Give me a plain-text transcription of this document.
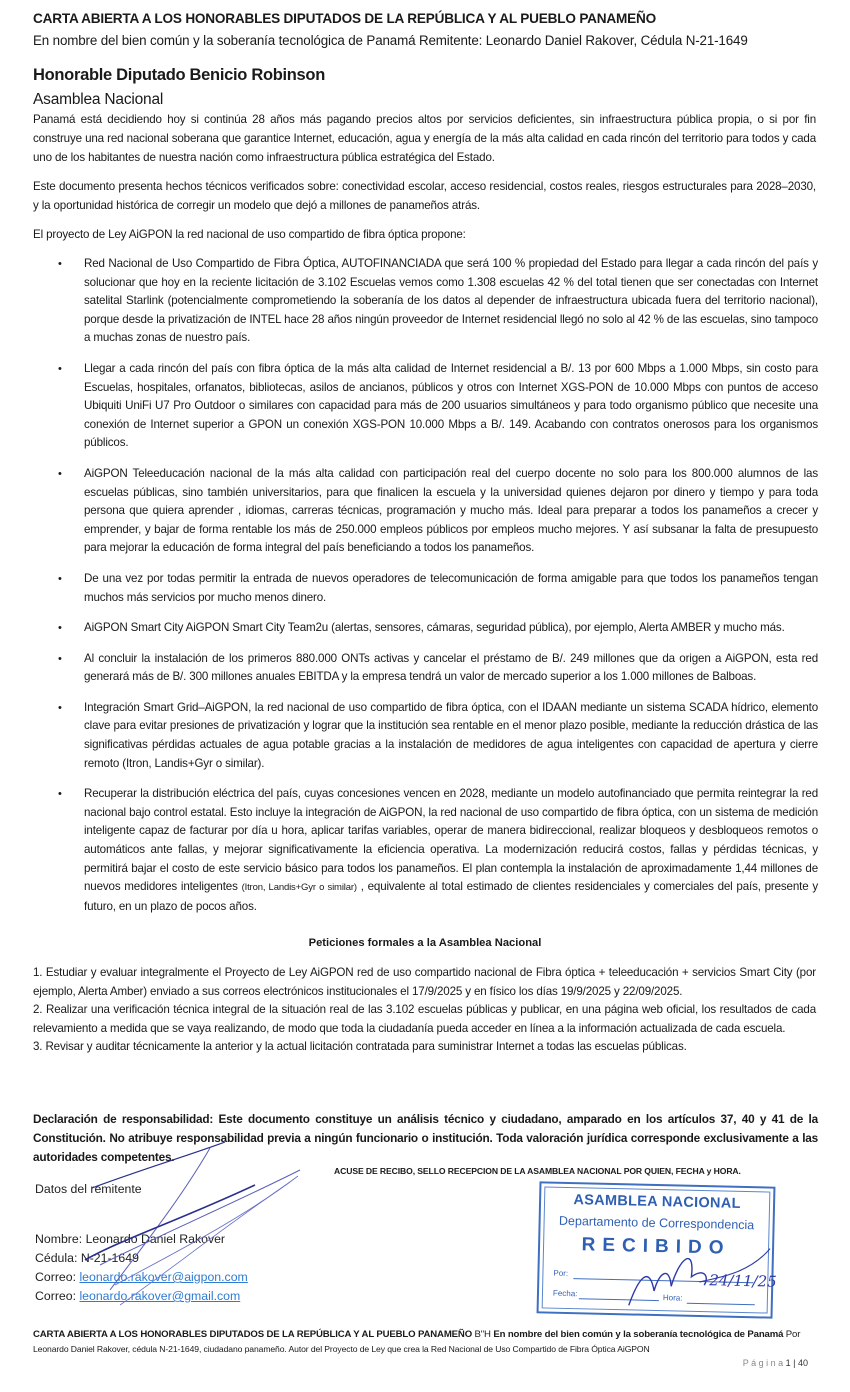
CARTA ABIERTA A LOS HONORABLES DIPUTADOS DE LA REPÚBLICA Y AL PUEBLO PANAMEÑO
En nombre del bien común y la soberanía tecnológica de Panamá Remitente: Leonardo Daniel Rakover, Cédula N-21-1649
Honorable Diputado Benicio Robinson
Asamblea Nacional
Panamá está decidiendo hoy si continúa 28 años más pagando precios altos por servicios deficientes, sin infraestructura pública propia, o si por fin construye una red nacional soberana que garantice Internet, educación, agua y energía de la más alta calidad en cada rincón del territorio para todos y cada uno de los habitantes de nuestra nación como infraestructura pública estratégica del Estado.
Este documento presenta hechos técnicos verificados sobre: conectividad escolar, acceso residencial, costos reales, riesgos estructurales para 2028–2030, y la oportunidad histórica de corregir un modelo que dejó a millones de panameños atrás.
El proyecto de Ley AiGPON la red nacional de uso compartido de fibra óptica propone:
• Red Nacional de Uso Compartido de Fibra Óptica, AUTOFINANCIADA que será 100 % propiedad del Estado para llegar a cada rincón del país y solucionar que hoy en la reciente licitación de 3.102 Escuelas vemos como 1.308 escuelas 42 % del total tienen que ser conectadas con Internet satelital Starlink (potencialmente comprometiendo la soberanía de los datos al depender de infraestructura ubicada fuera del territorio nacional), porque desde la privatización de INTEL hace 28 años ningún proveedor de Internet residencial llegó no solo al 42 % de las escuelas, sino tampoco a muchas zonas de nuestro país.
• Llegar a cada rincón del país con fibra óptica de la más alta calidad de Internet residencial a B/. 13 por 600 Mbps a 1.000 Mbps, sin costo para Escuelas, hospitales, orfanatos, bibliotecas, asilos de ancianos, públicos y otros con Internet XGS-PON de 10.000 Mbps con puntos de acceso Ubiquiti UniFi U7 Pro Outdoor o similares con capacidad para más de 200 usuarios simultáneos y para todo organismo público que necesite una conexión de Internet superior a GPON un conexión XGS-PON 10.000 Mbps a B/. 149. Acabando con contratos onerosos para los organismos públicos.
• AiGPON Teleeducación nacional de la más alta calidad con participación real del cuerpo docente no solo para los 800.000 alumnos de las escuelas públicas, sino también universitarios, para que finalicen la escuela y la universidad quienes dejaron por dinero y tiempo y para toda persona que quiera aprender , idiomas, carreras técnicas, programación y mucho más. Ideal para preparar a todos los panameños a crecer y emprender, y bajar de forma rentable los más de 250.000 empleos públicos por empleos mucho mejores. Y así subsanar la falta de presupuesto para mejorar la educación de forma integral del país beneficiando a todos los panameños.
• De una vez por todas permitir la entrada de nuevos operadores de telecomunicación de forma amigable para que todos los panameños tengan muchos más servicios por mucho menos dinero.
• AiGPON Smart City AiGPON Smart City Team2u (alertas, sensores, cámaras, seguridad pública), por ejemplo, Alerta AMBER y mucho más.
• Al concluir la instalación de los primeros 880.000 ONTs activas y cancelar el préstamo de B/. 249 millones que da origen a AiGPON, esta red generará más de B/. 300 millones anuales EBITDA y la empresa tendrá un valor de mercado superior a los 1.000 millones de Balboas.
• Integración Smart Grid–AiGPON, la red nacional de uso compartido de fibra óptica, con el IDAAN mediante un sistema SCADA hídrico, elemento clave para evitar presiones de privatización y lograr que la institución sea rentable en el menor plazo posible, mediante la reducción drástica de las significativas pérdidas actuales de agua potable gracias a la instalación de medidores de agua inteligentes con capacidad de apertura y cierre remoto (Itron, Landis+Gyr o similar).
• Recuperar la distribución eléctrica del país, cuyas concesiones vencen en 2028, mediante un modelo autofinanciado que permita reintegrar la red nacional bajo control estatal. Esto incluye la integración de AiGPON, la red nacional de uso compartido de fibra óptica, con un sistema de medición inteligente capaz de facturar por día u hora, aplicar tarifas variables, operar de manera bidireccional, realizar bloqueos y desbloqueos remotos o automáticos ante fallas, y mejorar significativamente la eficiencia operativa. La modernización reducirá costos, fallas y pérdidas técnicas, y permitirá bajar el costo de este servicio básico para todos los panameños. El plan contempla la instalación de aproximadamente 1,44 millones de nuevos medidores inteligentes (Itron, Landis+Gyr o similar) , equivalente al total estimado de clientes residenciales y comerciales del país, presente y futuro, en un plazo de pocos años.
Peticiones formales a la Asamblea Nacional

1. Estudiar y evaluar integralmente el Proyecto de Ley AiGPON red de uso compartido nacional de Fibra óptica + teleeducación + servicios Smart City (por ejemplo, Alerta Amber) enviado a sus correos electrónicos institucionales el 17/9/2025 y en físico los días 19/9/2025 y 22/09/2025.

2. Realizar una verificación técnica integral de la situación real de las 3.102 escuelas públicas y publicar, en una página web oficial, los resultados de cada relevamiento a medida que se vaya realizando, de modo que toda la ciudadanía pueda acceder en línea a la información actualizada de cada escuela.

3. Revisar y auditar técnicamente la anterior y la actual licitación contratada para suministrar Internet a todas las escuelas públicas.

Declaración de responsabilidad: Este documento constituye un análisis técnico y ciudadano, amparado en los artículos 37, 40 y 41 de la Constitución. No atribuye responsabilidad previa a ningún funcionario o institución. Toda valoración jurídica corresponde exclusivamente a las autoridades competentes.
ACUSE DE RECIBO, SELLO RECEPCION DE LA ASAMBLEA NACIONAL POR QUIEN, FECHA y HORA.
Datos del remitente
Nombre: Leonardo Daniel Rakover
Cédula: N-21-1649
Correo: leonardo.rakover@aigpon.com
Correo: leonardo.rakover@gmail.com
ASAMBLEA NACIONAL
Departamento de Correspondencia
RECIBIDO
Por:
Fecha:	Hora:
24/11/25
CARTA ABIERTA A LOS HONORABLES DIPUTADOS DE LA REPÚBLICA Y AL PUEBLO PANAMEÑO B"H En nombre del bien común y la soberanía tecnológica de Panamá Por
Leonardo Daniel Rakover, cédula N-21-1649, ciudadano panameño. Autor del Proyecto de Ley que crea la Red Nacional de Uso Compartido de Fibra Óptica AiGPON
P á g i n a 1 | 40
